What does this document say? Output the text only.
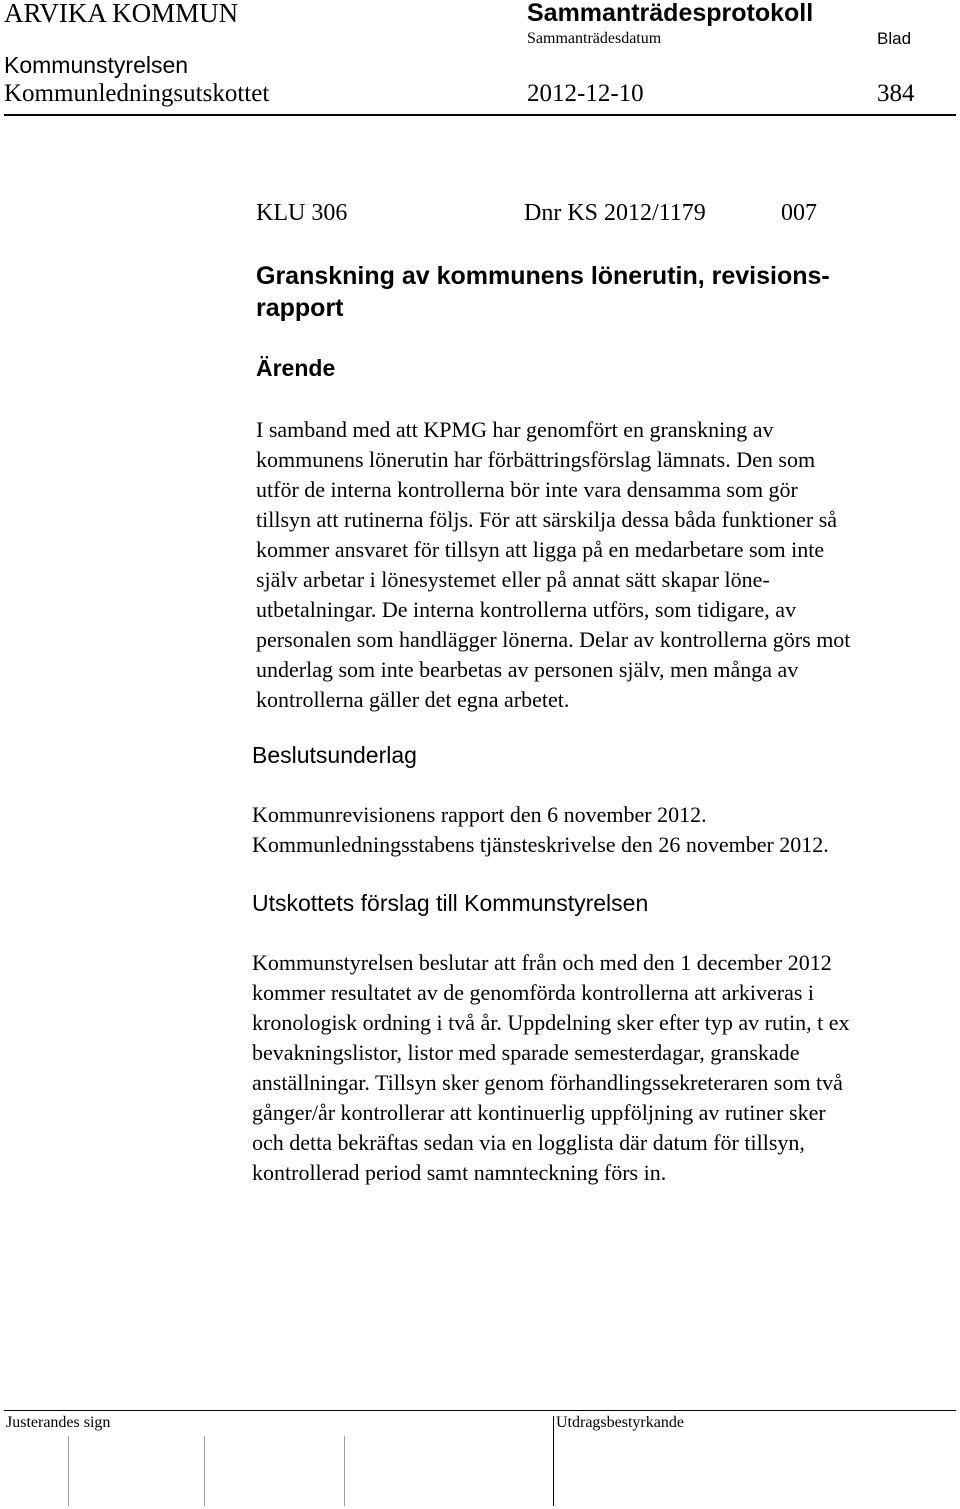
ARVIKA KOMMUN	Sammanträdesprotokoll
Sammanträdesdatum	Blad
Kommunstyrelsen
Kommunledningsutskottet	2012-12-10	384
KLU 306	Dnr KS 2012/1179	007
Granskning av kommunens lönerutin, revisions-
rapport
Ärende
I samband med att KPMG har genomfört en granskning av
kommunens lönerutin har förbättringsförslag lämnats. Den som
utför de interna kontrollerna bör inte vara densamma som gör
tillsyn att rutinerna följs. För att särskilja dessa båda funktioner så
kommer ansvaret för tillsyn att ligga på en medarbetare som inte
själv arbetar i lönesystemet eller på annat sätt skapar löne-
utbetalningar. De interna kontrollerna utförs, som tidigare, av
personalen som handlägger lönerna. Delar av kontrollerna görs mot
underlag som inte bearbetas av personen själv, men många av
kontrollerna gäller det egna arbetet.
Beslutsunderlag
Kommunrevisionens rapport den 6 november 2012.
Kommunledningsstabens tjänsteskrivelse den 26 november 2012.
Utskottets förslag till Kommunstyrelsen
Kommunstyrelsen beslutar att från och med den 1 december 2012
kommer resultatet av de genomförda kontrollerna att arkiveras i
kronologisk ordning i två år. Uppdelning sker efter typ av rutin, t ex
bevakningslistor, listor med sparade semesterdagar, granskade
anställningar. Tillsyn sker genom förhandlingssekreteraren som två
gånger/år kontrollerar att kontinuerlig uppföljning av rutiner sker
och detta bekräftas sedan via en logglista där datum för tillsyn,
kontrollerad period samt namnteckning förs in.
Justerandes sign	Utdragsbestyrkande
